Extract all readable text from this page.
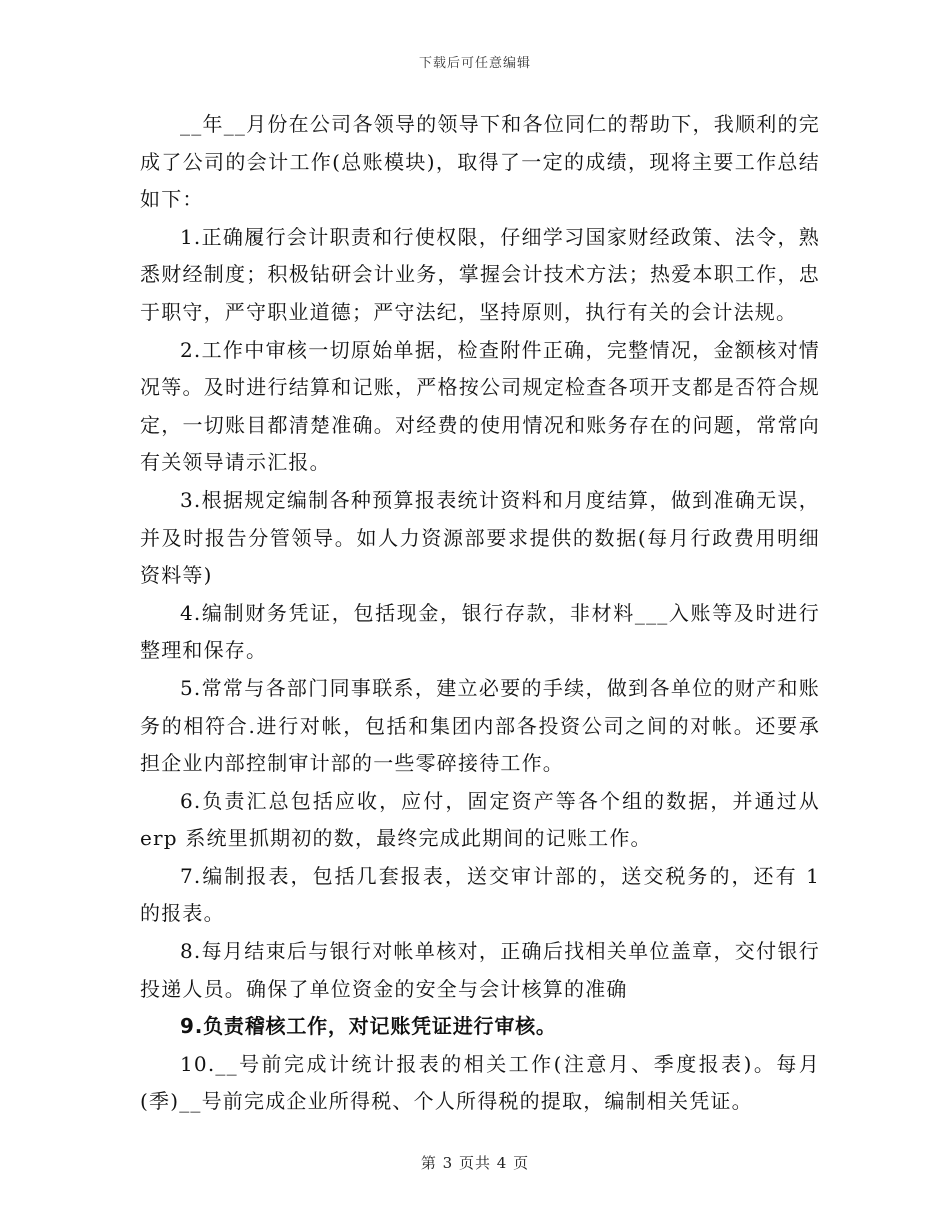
下载后可任意编辑

__年__月份在公司各领导的领导下和各位同仁的帮助下，我顺利的完成了公司的会计工作(总账模块)，取得了一定的成绩，现将主要工作总结如下：

1.正确履行会计职责和行使权限，仔细学习国家财经政策、法令，熟悉财经制度；积极钻研会计业务，掌握会计技术方法；热爱本职工作，忠于职守，严守职业道德；严守法纪，坚持原则，执行有关的会计法规。

2.工作中审核一切原始单据，检查附件正确，完整情况，金额核对情况等。及时进行结算和记账，严格按公司规定检查各项开支都是否符合规定，一切账目都清楚准确。对经费的使用情况和账务存在的问题，常常向有关领导请示汇报。

3.根据规定编制各种预算报表统计资料和月度结算，做到准确无误，并及时报告分管领导。如人力资源部要求提供的数据(每月行政费用明细资料等)

4.编制财务凭证，包括现金，银行存款，非材料___入账等及时进行整理和保存。

5.常常与各部门同事联系，建立必要的手续，做到各单位的财产和账务的相符合.进行对帐，包括和集团内部各投资公司之间的对帐。还要承担企业内部控制审计部的一些零碎接待工作。

6.负责汇总包括应收，应付，固定资产等各个组的数据，并通过从 erp 系统里抓期初的数，最终完成此期间的记账工作。

7.编制报表，包括几套报表，送交审计部的，送交税务的，还有 1 的报表。

8.每月结束后与银行对帐单核对，正确后找相关单位盖章，交付银行投递人员。确保了单位资金的安全与会计核算的准确

9.负责稽核工作，对记账凭证进行审核。

10.__号前完成计统计报表的相关工作(注意月、季度报表)。每月(季)__号前完成企业所得税、个人所得税的提取，编制相关凭证。

第 3 页共 4 页
